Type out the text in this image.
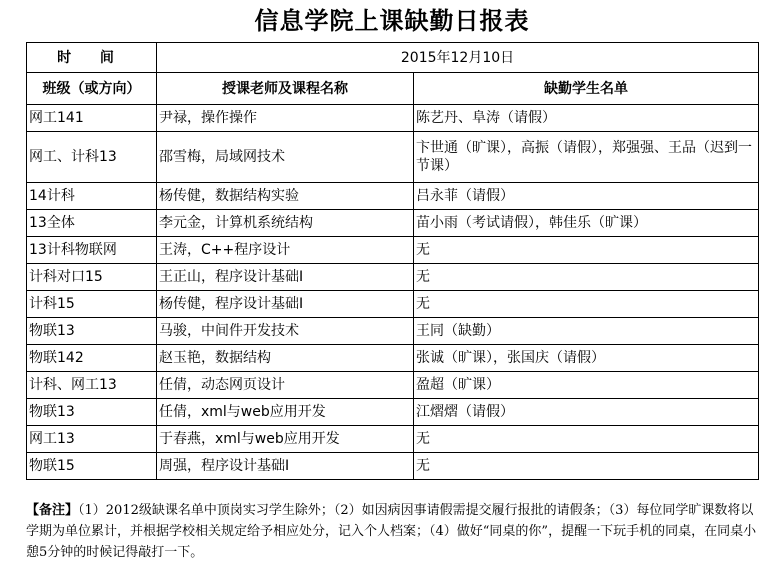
信息学院上课缺勤日报表
时 间	2015年12月10日	
班级（或方向）	授课老师及课程名称	缺勤学生名单
网工141	尹禄，操作操作	陈艺丹、阜涛（请假）
网工、计科13	邵雪梅，局域网技术	卞世通（旷课），高振（请假），郑强强、王品（迟到一节课）
14计科	杨传健，数据结构实验	吕永菲（请假）
13全体	李元金，计算机系统结构	苗小雨（考试请假），韩佳乐（旷课）
13计科物联网	王涛，C++程序设计	无
计科对口15	王正山，程序设计基础I	无
计科15	杨传健，程序设计基础I	无
物联13	马骏，中间件开发技术	王同（缺勤）
物联142	赵玉艳，数据结构	张诚（旷课），张国庆（请假）
计科、网工13	任倩，动态网页设计	盈超（旷课）
物联13	任倩，xml与web应用开发	江熠熠（请假）
网工13	于春燕，xml与web应用开发	无
物联15	周强，程序设计基础I	无
【备注】（1）2012级缺课名单中顶岗实习学生除外；（2）如因病因事请假需提交履行报批的请假条；（3）每位同学旷课数将以学期为单位累计，并根据学校相关规定给予相应处分，记入个人档案；（4）做好“同桌的你”，提醒一下玩手机的同桌，在同桌小憩5分钟的时候记得敲打一下。
